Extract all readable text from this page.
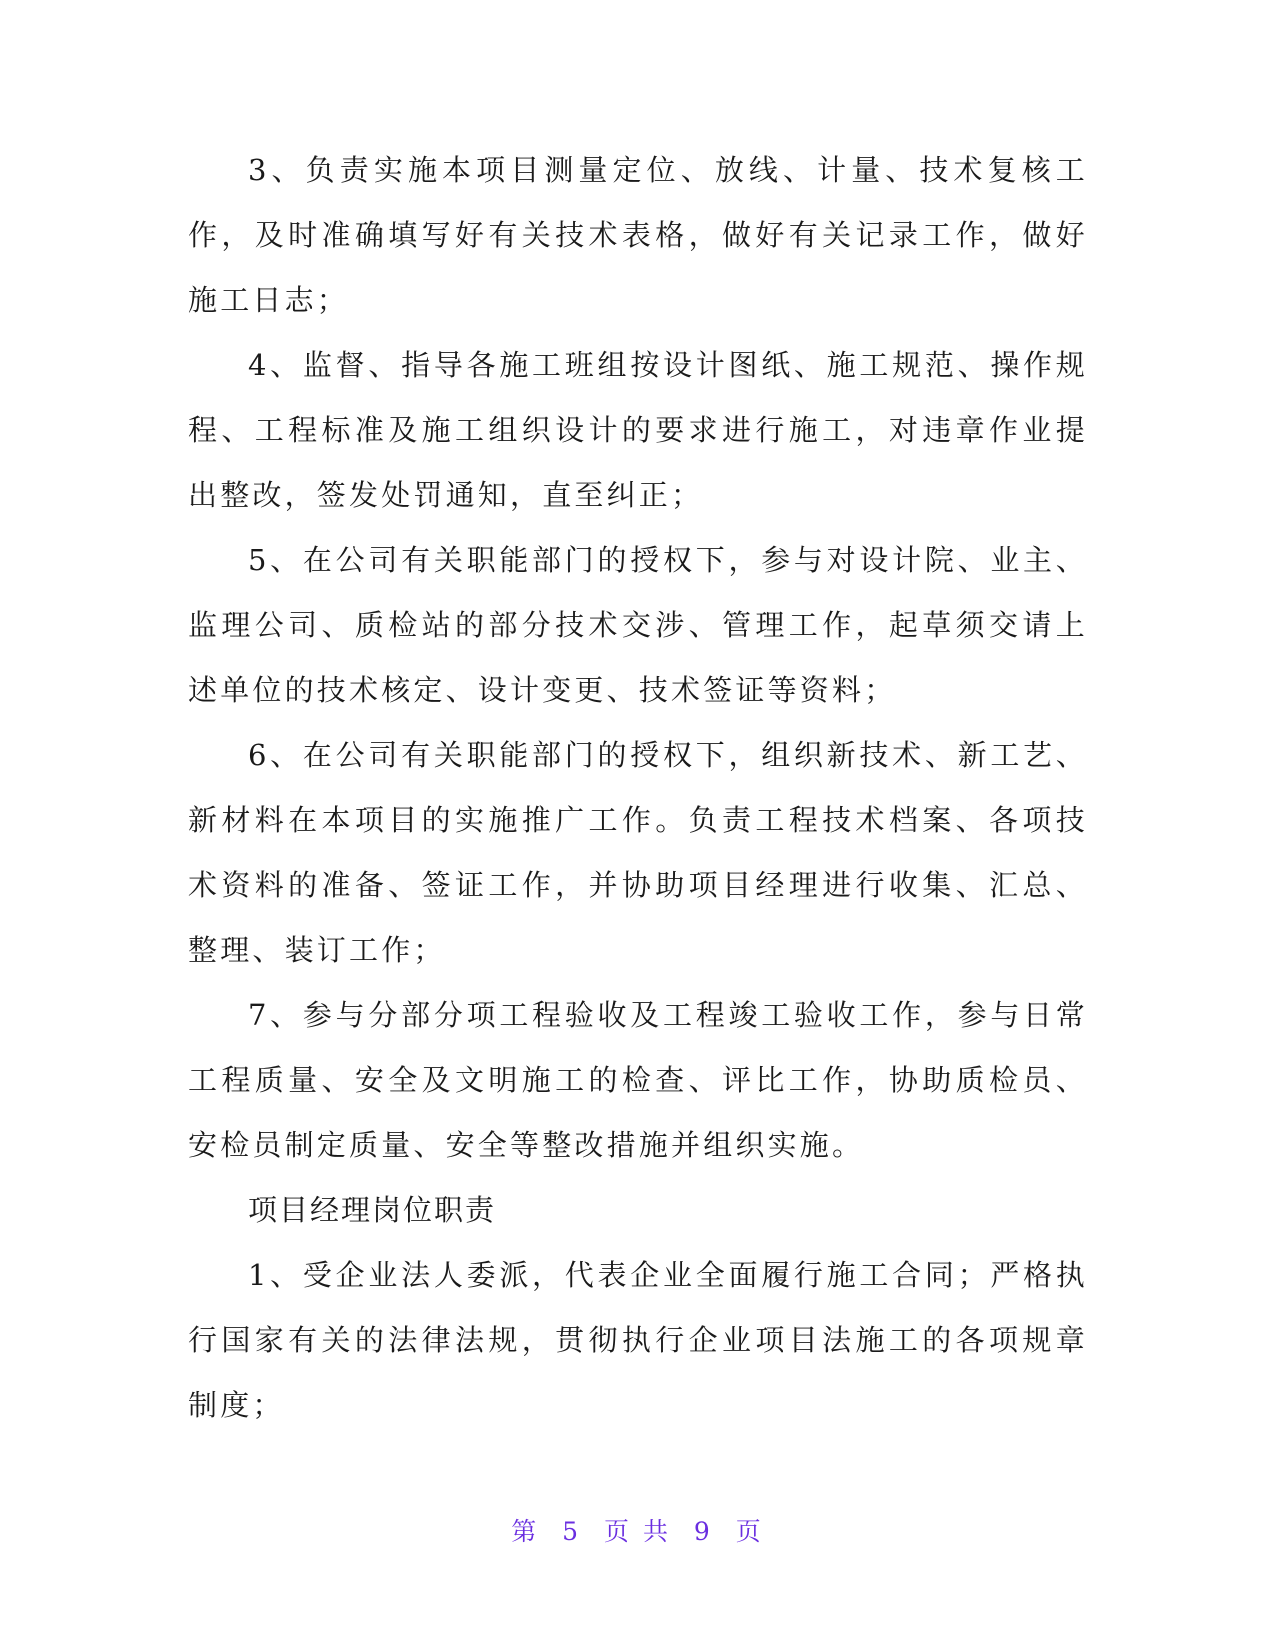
3、负责实施本项目测量定位、放线、计量、技术复核工作，及时准确填写好有关技术表格，做好有关记录工作，做好施工日志；

4、监督、指导各施工班组按设计图纸、施工规范、操作规程、工程标准及施工组织设计的要求进行施工，对违章作业提出整改，签发处罚通知，直至纠正；

5、在公司有关职能部门的授权下，参与对设计院、业主、监理公司、质检站的部分技术交涉、管理工作，起草须交请上述单位的技术核定、设计变更、技术签证等资料；

6、在公司有关职能部门的授权下，组织新技术、新工艺、新材料在本项目的实施推广工作。负责工程技术档案、各项技术资料的准备、签证工作，并协助项目经理进行收集、汇总、整理、装订工作；

7、参与分部分项工程验收及工程竣工验收工作，参与日常工程质量、安全及文明施工的检查、评比工作，协助质检员、安检员制定质量、安全等整改措施并组织实施。

项目经理岗位职责

1、受企业法人委派，代表企业全面履行施工合同；严格执行国家有关的法律法规，贯彻执行企业项目法施工的各项规章制度；

第 5 页 共 9 页
